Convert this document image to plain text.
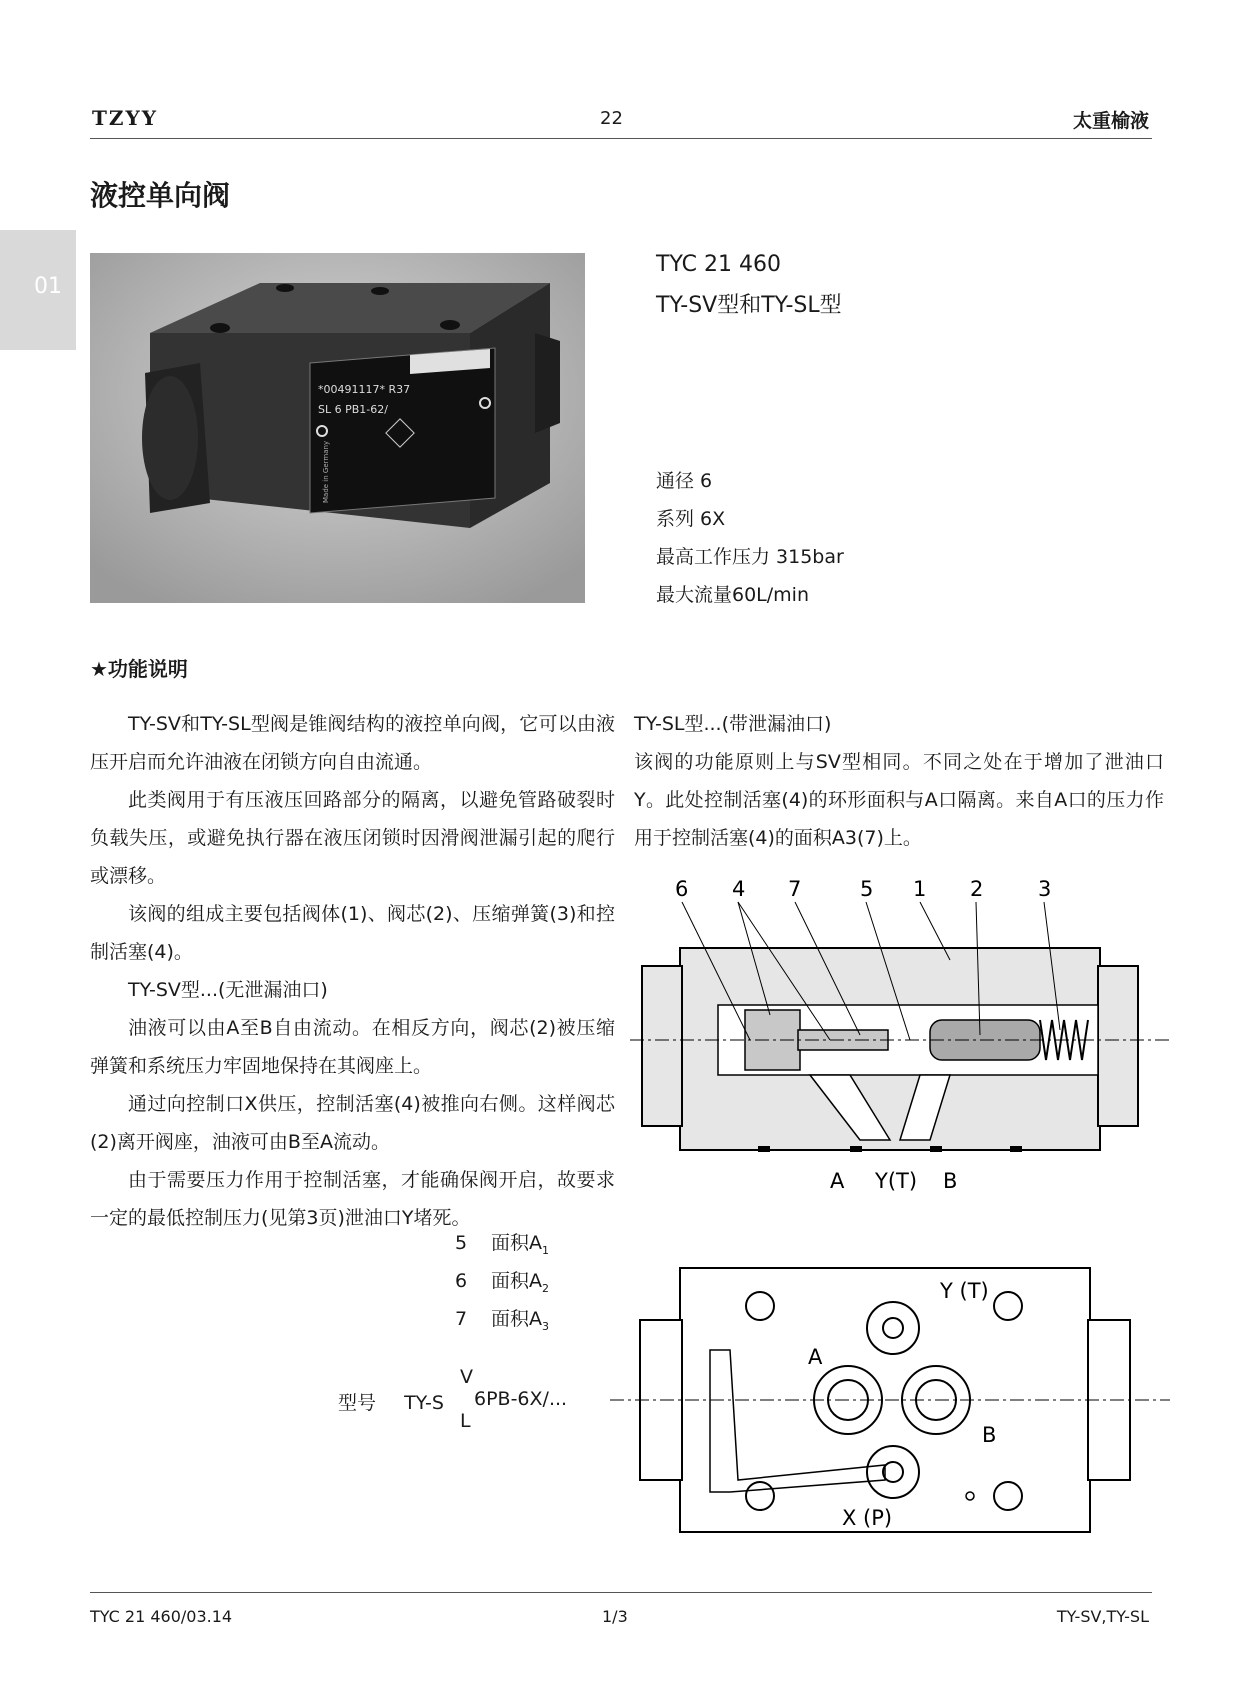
TZYY	22	太重榆液
液控单向阀
01
*00491117* R37
SL 6 PB1-62/
Made in Germany
TYC 21 460
TY-SV型和TY-SL型
通径 6
系列 6X
最高工作压力 315bar
最大流量60L/min
★功能说明

TY-SV和TY-SL型阀是锥阀结构的液控单向阀，它可以由液压开启而允许油液在闭锁方向自由流通。

此类阀用于有压液压回路部分的隔离，以避免管路破裂时负载失压，或避免执行器在液压闭锁时因滑阀泄漏引起的爬行或漂移。

该阀的组成主要包括阀体(1)、阀芯(2)、压缩弹簧(3)和控制活塞(4)。

TY-SV型...(无泄漏油口)

油液可以由A至B自由流动。在相反方向，阀芯(2)被压缩弹簧和系统压力牢固地保持在其阀座上。

通过向控制口X供压，控制活塞(4)被推向右侧。这样阀芯(2)离开阀座，油液可由B至A流动。

由于需要压力作用于控制活塞，才能确保阀开启，故要求一定的最低控制压力(见第3页)泄油口Y堵死。

TY-SL型...(带泄漏油口)

该阀的功能原则上与SV型相同。不同之处在于增加了泄油口Y。此处控制活塞(4)的环形面积与A口隔离。来自A口的压力作用于控制活塞(4)的面积A3(7)上。

5 面积$A_1$
6 面积$A_2$
7 面积$A_3$
型号 TY-S
V
L
6PB-6X/...
6 4 7	5 1 2	3
A Y(T) B
Y (T)
A
B
X (P)
TYC 21 460/03.14	1/3	TY-SV,TY-SL
